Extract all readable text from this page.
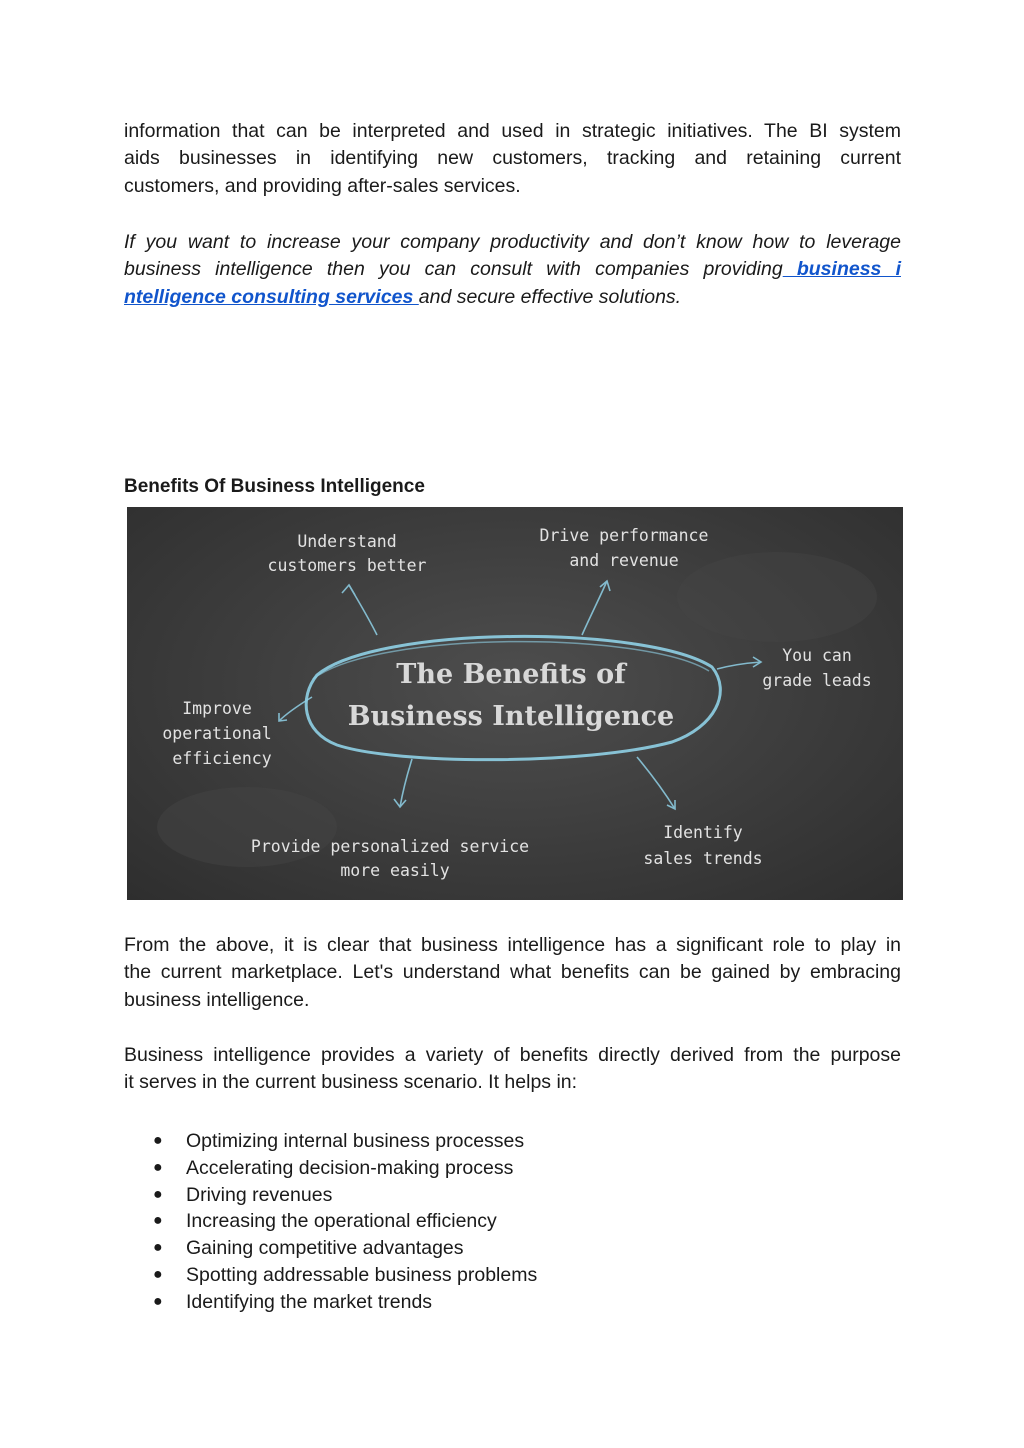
information that can be interpreted and used in strategic initiatives. The BI system
aids businesses in identifying new customers, tracking and retaining current
customers, and providing after-sales services.
If you want to increase your company productivity and don’t know how to leverage
business intelligence then you can consult with companies providing business i
ntelligence consulting services and secure effective solutions.
Benefits Of Business Intelligence
The Benefits of
Business Intelligence
Understand
customers better
Drive performance
and revenue
You can
grade leads
Improve
operational
efficiency
Provide personalized service
more easily
Identify
sales trends
From the above, it is clear that business intelligence has a significant role to play in
the current marketplace. Let's understand what benefits can be gained by embracing
business intelligence.
Business intelligence provides a variety of benefits directly derived from the purpose
it serves in the current business scenario. It helps in:
● Optimizing internal business processes
● Accelerating decision-making process
● Driving revenues
● Increasing the operational efficiency
● Gaining competitive advantages
● Spotting addressable business problems
● Identifying the market trends
